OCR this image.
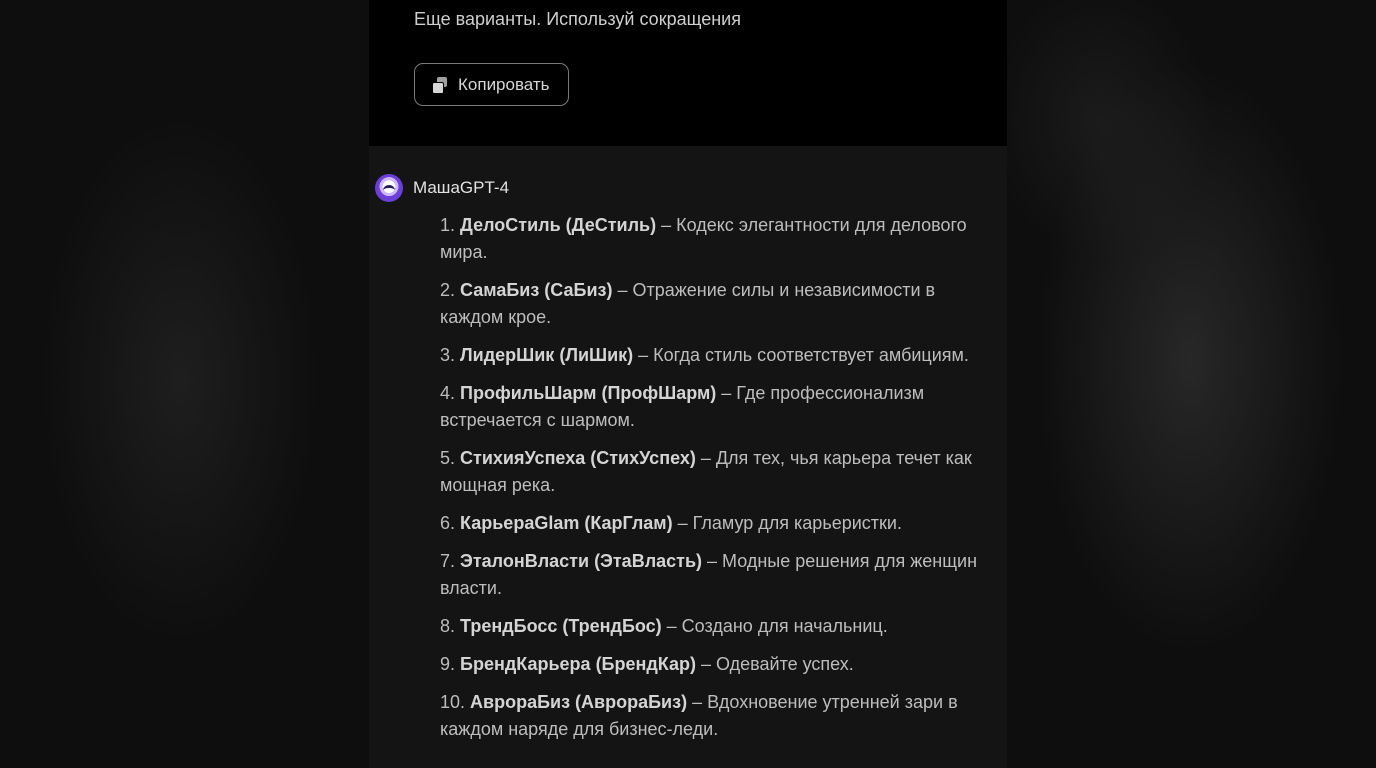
Еще варианты. Используй сокращения
Копировать
МашаGPT-4
1. ДелоСтиль (ДеСтиль) – Кодекс элегантности для делового мира.
2. СамаБиз (СаБиз) – Отражение силы и независимости в каждом крое.
3. ЛидерШик (ЛиШик) – Когда стиль соответствует амбициям.
4. ПрофильШарм (ПрофШарм) – Где профессионализм встречается с шармом.
5. СтихияУспеха (СтихУспех) – Для тех, чья карьера течет как мощная река.
6. КарьераGlam (КарГлам) – Гламур для карьеристки.
7. ЭталонВласти (ЭтаВласть) – Модные решения для женщин власти.
8. ТрендБосс (ТрендБос) – Создано для начальниц.
9. БрендКарьера (БрендКар) – Одевайте успех.
10. АврораБиз (АврораБиз) – Вдохновение утренней зари в каждом наряде для бизнес-леди.
